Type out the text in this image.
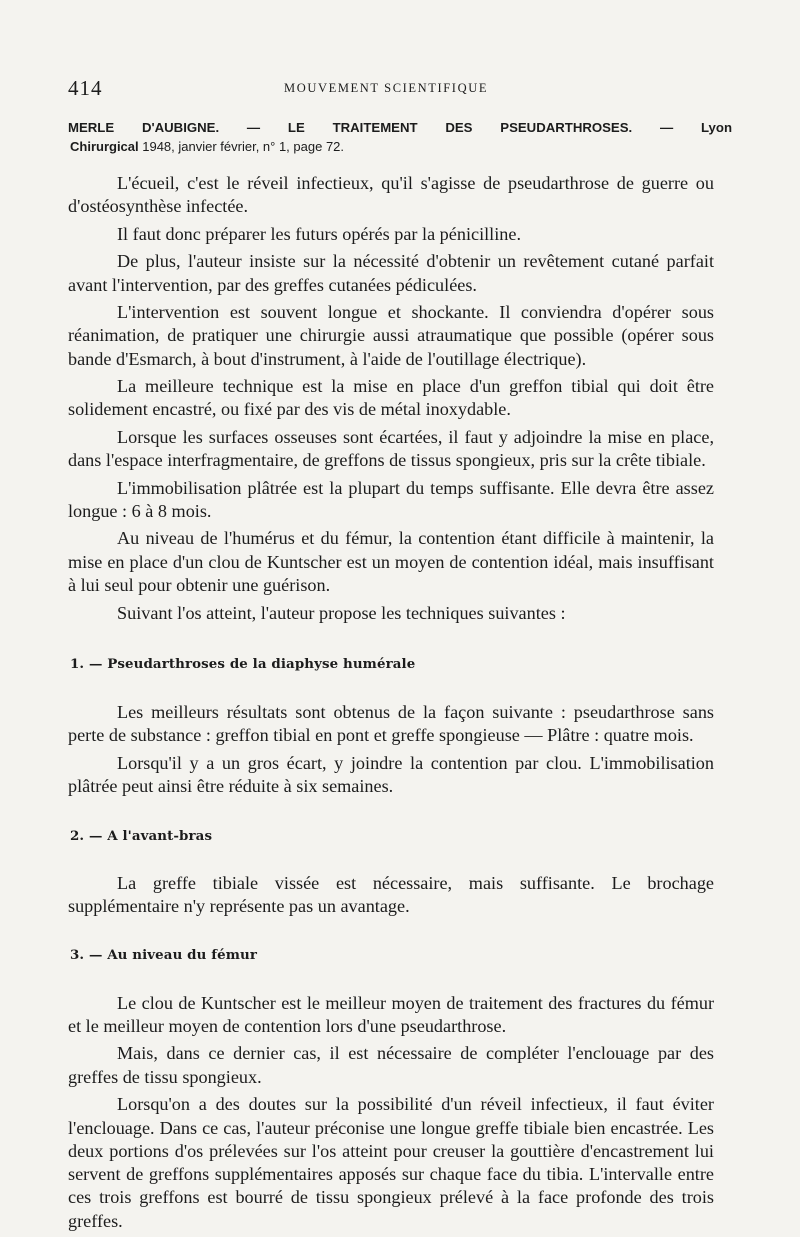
414	MOUVEMENT SCIENTIFIQUE
MERLE D'AUBIGNE. — LE TRAITEMENT DES PSEUDARTHROSES. — Lyon
Chirurgical 1948, janvier février, n° 1, page 72.

L'écueil, c'est le réveil infectieux, qu'il s'agisse de pseudarthrose de guerre ou d'ostéosynthèse infectée.

Il faut donc préparer les futurs opérés par la pénicilline.

De plus, l'auteur insiste sur la nécessité d'obtenir un revêtement cutané parfait avant l'intervention, par des greffes cutanées pédiculées.

L'intervention est souvent longue et shockante. Il conviendra d'opérer sous réanimation, de pratiquer une chirurgie aussi atraumatique que possible (opérer sous bande d'Esmarch, à bout d'instrument, à l'aide de l'outillage électrique).

La meilleure technique est la mise en place d'un greffon tibial qui doit être solidement encastré, ou fixé par des vis de métal inoxydable.

Lorsque les surfaces osseuses sont écartées, il faut y adjoindre la mise en place, dans l'espace interfragmentaire, de greffons de tissus spongieux, pris sur la crête tibiale.

L'immobilisation plâtrée est la plupart du temps suffisante. Elle devra être assez longue : 6 à 8 mois.

Au niveau de l'humérus et du fémur, la contention étant difficile à maintenir, la mise en place d'un clou de Kuntscher est un moyen de contention idéal, mais insuffisant à lui seul pour obtenir une guérison.

Suivant l'os atteint, l'auteur propose les techniques suivantes :

1. — Pseudarthroses de la diaphyse humérale

Les meilleurs résultats sont obtenus de la façon suivante : pseudarthrose sans perte de substance : greffon tibial en pont et greffe spongieuse — Plâtre : quatre mois.

Lorsqu'il y a un gros écart, y joindre la contention par clou. L'immobilisation plâtrée peut ainsi être réduite à six semaines.

2. — A l'avant-bras

La greffe tibiale vissée est nécessaire, mais suffisante. Le brochage supplémentaire n'y représente pas un avantage.

3. — Au niveau du fémur

Le clou de Kuntscher est le meilleur moyen de traitement des fractures du fémur et le meilleur moyen de contention lors d'une pseudarthrose.

Mais, dans ce dernier cas, il est nécessaire de compléter l'enclouage par des greffes de tissu spongieux.

Lorsqu'on a des doutes sur la possibilité d'un réveil infectieux, il faut éviter l'enclouage. Dans ce cas, l'auteur préconise une longue greffe tibiale bien encastrée. Les deux portions d'os prélevées sur l'os atteint pour creuser la gouttière d'encastrement lui servent de greffons supplémentaires apposés sur chaque face du tibia. L'intervalle entre ces trois greffons est bourré de tissu spongieux prélevé à la face profonde des trois greffes.
